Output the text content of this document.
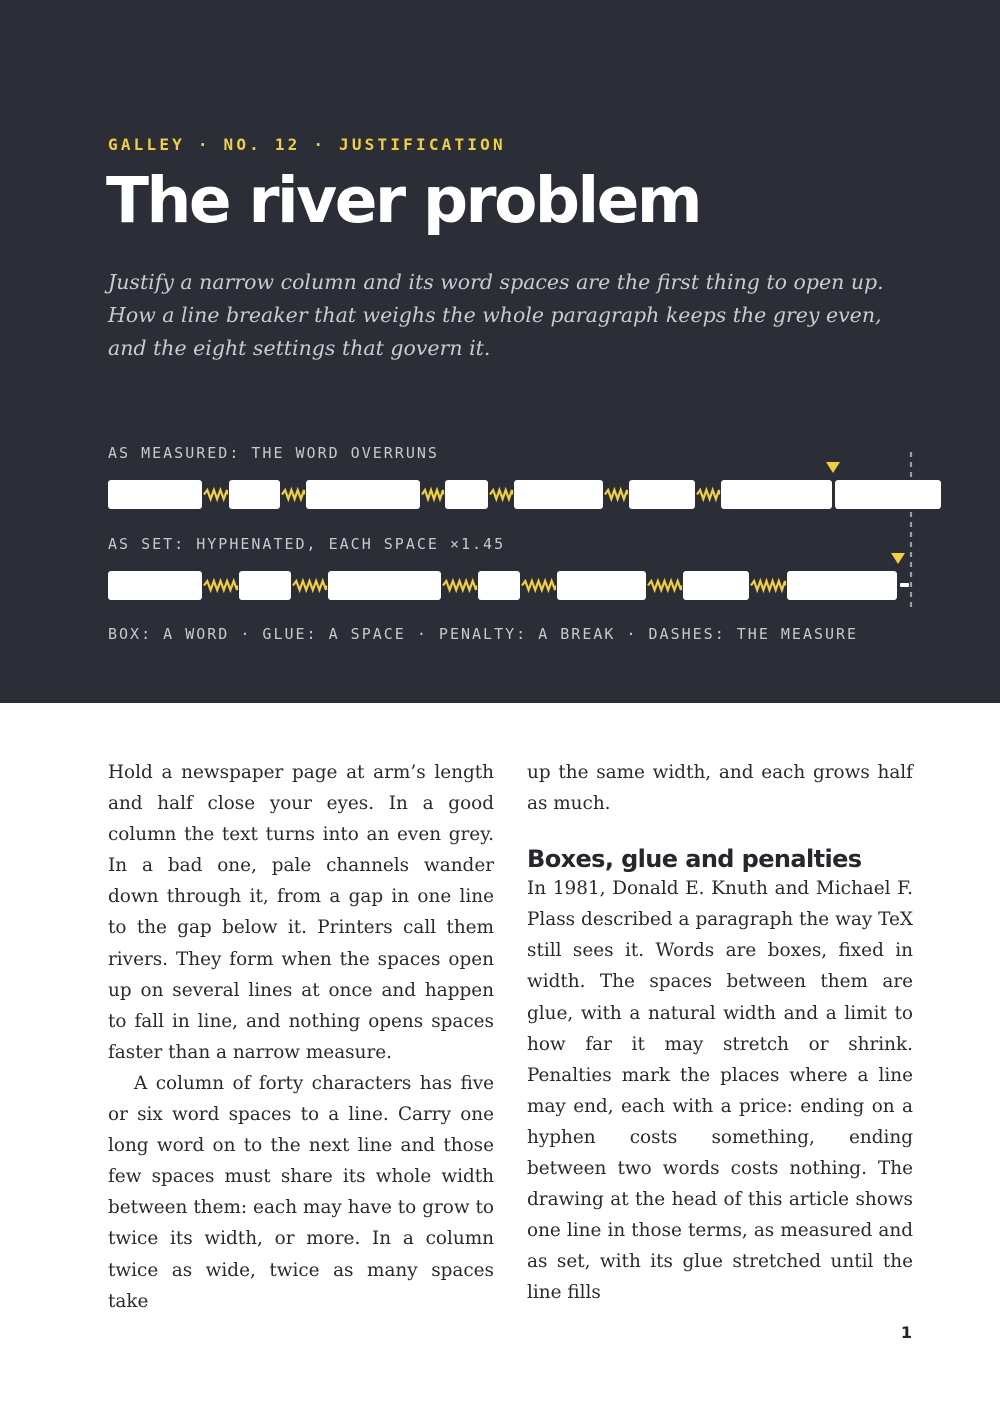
GALLEY · NO. 12 · JUSTIFICATION
The river problem

Justify a narrow column and its word spaces are the first thing to open up. How a line breaker that weighs the whole paragraph keeps the grey even, and the eight settings that govern it.

AS MEASURED: THE WORD OVERRUNS
AS SET: HYPHENATED, EACH SPACE ×1.45
BOX: A WORD · GLUE: A SPACE · PENALTY: A BREAK · DASHES: THE MEASURE

Hold a newspaper page at arm’s length and half close your eyes. In a good column the text turns into an even grey. In a bad one, pale channels wander down through it, from a gap in one line to the gap below it. Printers call them rivers. They form when the spaces open up on several lines at once and happen to fall in line, and nothing opens spaces faster than a narrow measure.

A column of forty characters has five or six word spaces to a line. Carry one long word on to the next line and those few spaces must share its whole width between them: each may have to grow to twice its width, or more. In a column twice as wide, twice as many spaces take

up the same width, and each grows half as much.

Boxes, glue and penalties

In 1981, Donald E. Knuth and Michael F. Plass described a paragraph the way TeX still sees it. Words are boxes, fixed in width. The spaces between them are glue, with a natural width and a limit to how far it may stretch or shrink. Penalties mark the places where a line may end, each with a price: ending on a hyphen costs something, ending between two words costs nothing. The drawing at the head of this article shows one line in those terms, as measured and as set, with its glue stretched until the line fills

1
